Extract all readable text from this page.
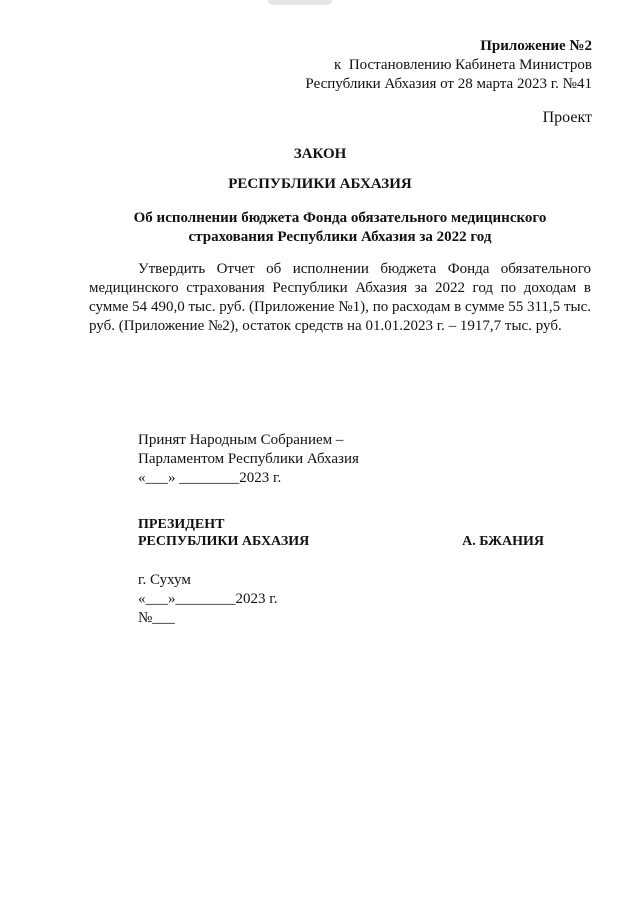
Приложение №2
к  Постановлению Кабинета Министров
Республики Абхазия от 28 марта 2023 г. №41
Проект
ЗАКОН
РЕСПУБЛИКИ АБХАЗИЯ
Об исполнении бюджета Фонда обязательного медицинского
страхования Республики Абхазия за 2022 год
Утвердить Отчет об исполнении бюджета Фонда обязательного медицинского страхования Республики Абхазия за 2022 год по доходам в сумме 54 490,0 тыс. руб. (Приложение №1), по расходам в сумме 55 311,5 тыс. руб. (Приложение №2), остаток средств на 01.01.2023 г. – 1917,7 тыс. руб.
Принят Народным Собранием –
Парламентом Республики Абхазия
«___» ________2023 г.
ПРЕЗИДЕНТ
РЕСПУБЛИКИ АБХАЗИЯ	А. БЖАНИЯ
г. Сухум
«___»________2023 г.
№___
